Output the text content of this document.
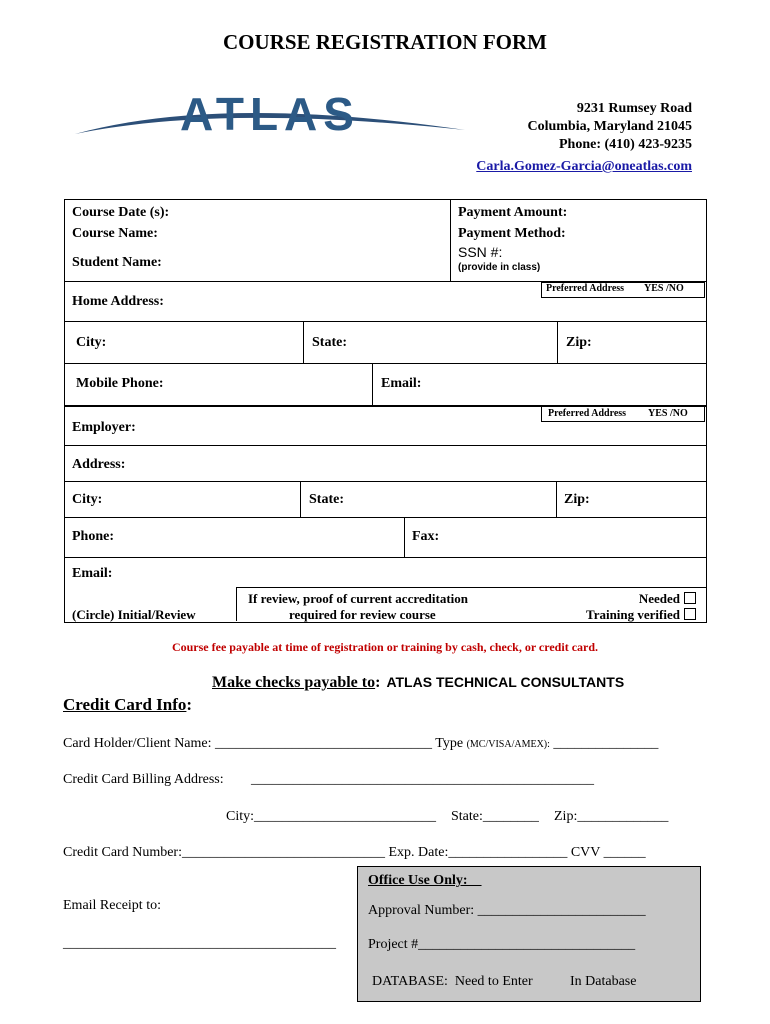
COURSE REGISTRATION FORM
ATLAS	9231 Rumsey Road
Columbia, Maryland 21045
Phone: (410) 423-9235
Carla.Gomez-Garcia@oneatlas.com
Course Date (s):
Course Name:
Student Name:
Payment Amount:
Payment Method:
SSN #:
(provide in class)
Preferred Address YES /NO
Home Address:
City:	State:	Zip:
Mobile Phone:	Email:
Preferred Address YES /NO
Employer:
Address:
City:	State:	Zip:
Phone:	Fax:
Email:
(Circle) Initial/Review
If review, proof of current accreditation
required for review course
Needed
Training verified
Course fee payable at time of registration or training by cash, check, or credit card.
Make checks payable to: ATLAS TECHNICAL CONSULTANTS
Credit Card Info:
Card Holder/Client Name: _______________________________ Type (MC/VISA/AMEX): _______________
Credit Card Billing Address: _________________________________________________
City:__________________________ State:________ Zip:_____________
Credit Card Number:_____________________________ Exp. Date:_________________ CVV ______
Email Receipt to:
_______________________________________
Office Use Only:
Approval Number: ________________________
Project #_______________________________
DATABASE:  Need to Enter	In Database
